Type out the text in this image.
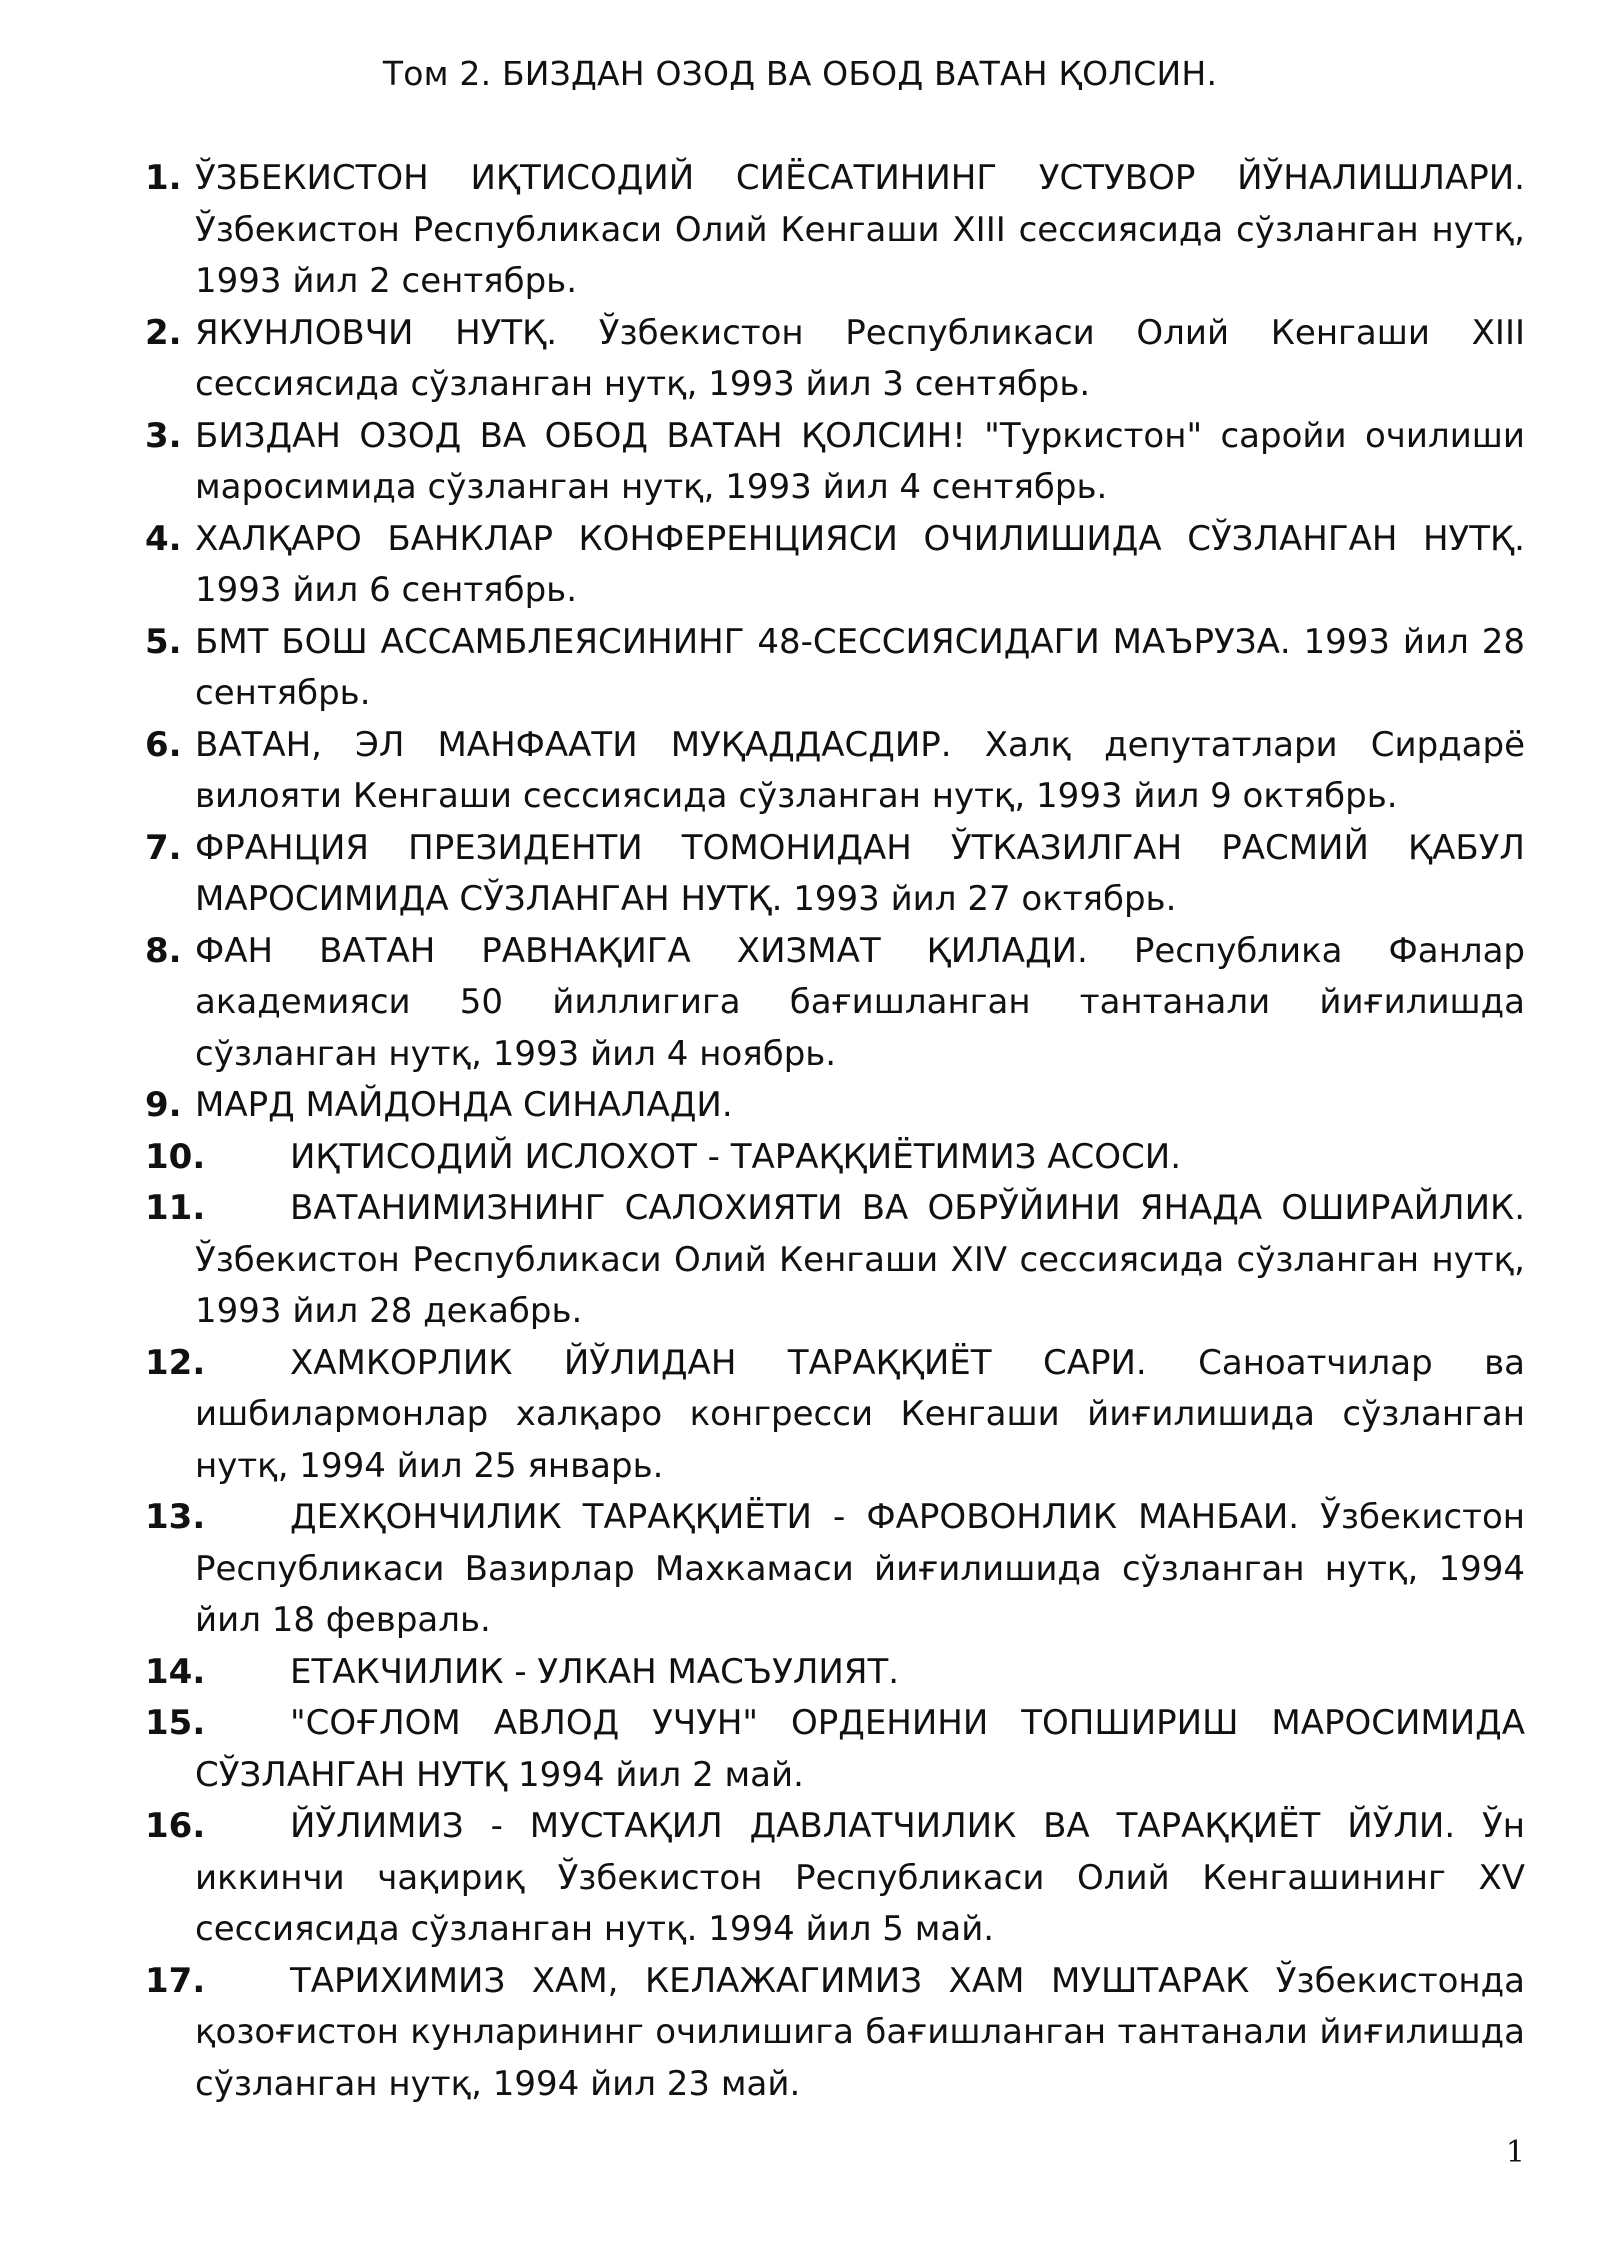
Том 2. БИЗДАН ОЗОД ВА ОБОД ВАТАН ҚОЛСИН.
1. ЎЗБЕКИСТОН ИҚТИСОДИЙ СИЁСАТИНИНГ УСТУВОР ЙЎНАЛИШЛАРИ. Ўзбекистон Республикаси Олий Кенгаши XIII сессиясида сўзланган нутқ, 1993 йил 2 сентябрь.
2. ЯКУНЛОВЧИ НУТҚ. Ўзбекистон Республикаси Олий Кенгаши XIII сессиясида сўзланган нутқ, 1993 йил 3 сентябрь.
3. БИЗДАН ОЗОД ВА ОБОД ВАТАН ҚОЛСИН! "Туркистон" саройи очилиши маросимида сўзланган нутқ, 1993 йил 4 сентябрь.
4. ХАЛҚАРО БАНКЛАР КОНФЕРЕНЦИЯСИ ОЧИЛИШИДА СЎЗЛАНГАН НУТҚ. 1993 йил 6 сентябрь.
5. БМТ БОШ АССАМБЛЕЯСИНИНГ 48-СЕССИЯСИДАГИ МАЪРУЗА. 1993 йил 28 сентябрь.
6. ВАТАН, ЭЛ МАНФААТИ МУҚАДДАСДИР. Халқ депутатлари Сирдарё вилояти Кенгаши сессиясида сўзланган нутқ, 1993 йил 9 октябрь.
7. ФРАНЦИЯ ПРЕЗИДЕНТИ ТОМОНИДАН ЎТКАЗИЛГАН РАСМИЙ ҚАБУЛ МАРОСИМИДА СЎЗЛАНГАН НУТҚ. 1993 йил 27 октябрь.
8. ФАН ВАТАН РАВНАҚИГА ХИЗМАТ ҚИЛАДИ. Республика Фанлар академияси 50 йиллигига бағишланган тантанали йиғилишда сўзланган нутқ, 1993 йил 4 ноябрь.
9. МАРД МАЙДОНДА СИНАЛАДИ.
10.	ИҚТИСОДИЙ ИСЛОХОТ - ТАРАҚҚИЁТИМИЗ АСОСИ.
11.	ВАТАНИМИЗНИНГ САЛОХИЯТИ ВА ОБРЎЙИНИ ЯНАДА ОШИРАЙЛИК. Ўзбекистон Республикаси Олий Кенгаши XIV сессиясида сўзланган нутқ, 1993 йил 28 декабрь.
12.	ХАМКОРЛИК ЙЎЛИДАН ТАРАҚҚИЁТ САРИ. Саноатчилар ва ишбилармонлар халқаро конгресси Кенгаши йиғилишида сўзланган нутқ, 1994 йил 25 январь.
13.	ДЕХҚОНЧИЛИК ТАРАҚҚИЁТИ - ФАРОВОНЛИК МАНБАИ. Ўзбекистон Республикаси Вазирлар Махкамаси йиғилишида сўзланган нутқ, 1994 йил 18 февраль.
14.	ЕТАКЧИЛИК - УЛКАН МАСЪУЛИЯТ.
15.	"СОҒЛОМ АВЛОД УЧУН" ОРДЕНИНИ ТОПШИРИШ МАРОСИМИДА СЎЗЛАНГАН НУТҚ 1994 йил 2 май.
16.	ЙЎЛИМИЗ - МУСТАҚИЛ ДАВЛАТЧИЛИК ВА ТАРАҚҚИЁТ ЙЎЛИ. Ўн иккинчи чақириқ Ўзбекистон Республикаси Олий Кенгашининг XV сессиясида сўзланган нутқ. 1994 йил 5 май.
17.	ТАРИХИМИЗ ХАМ, КЕЛАЖАГИМИЗ ХАМ МУШТАРАК Ўзбекистонда қозоғистон кунларининг очилишига бағишланган тантанали йиғилишда сўзланган нутқ, 1994 йил 23 май.
1
